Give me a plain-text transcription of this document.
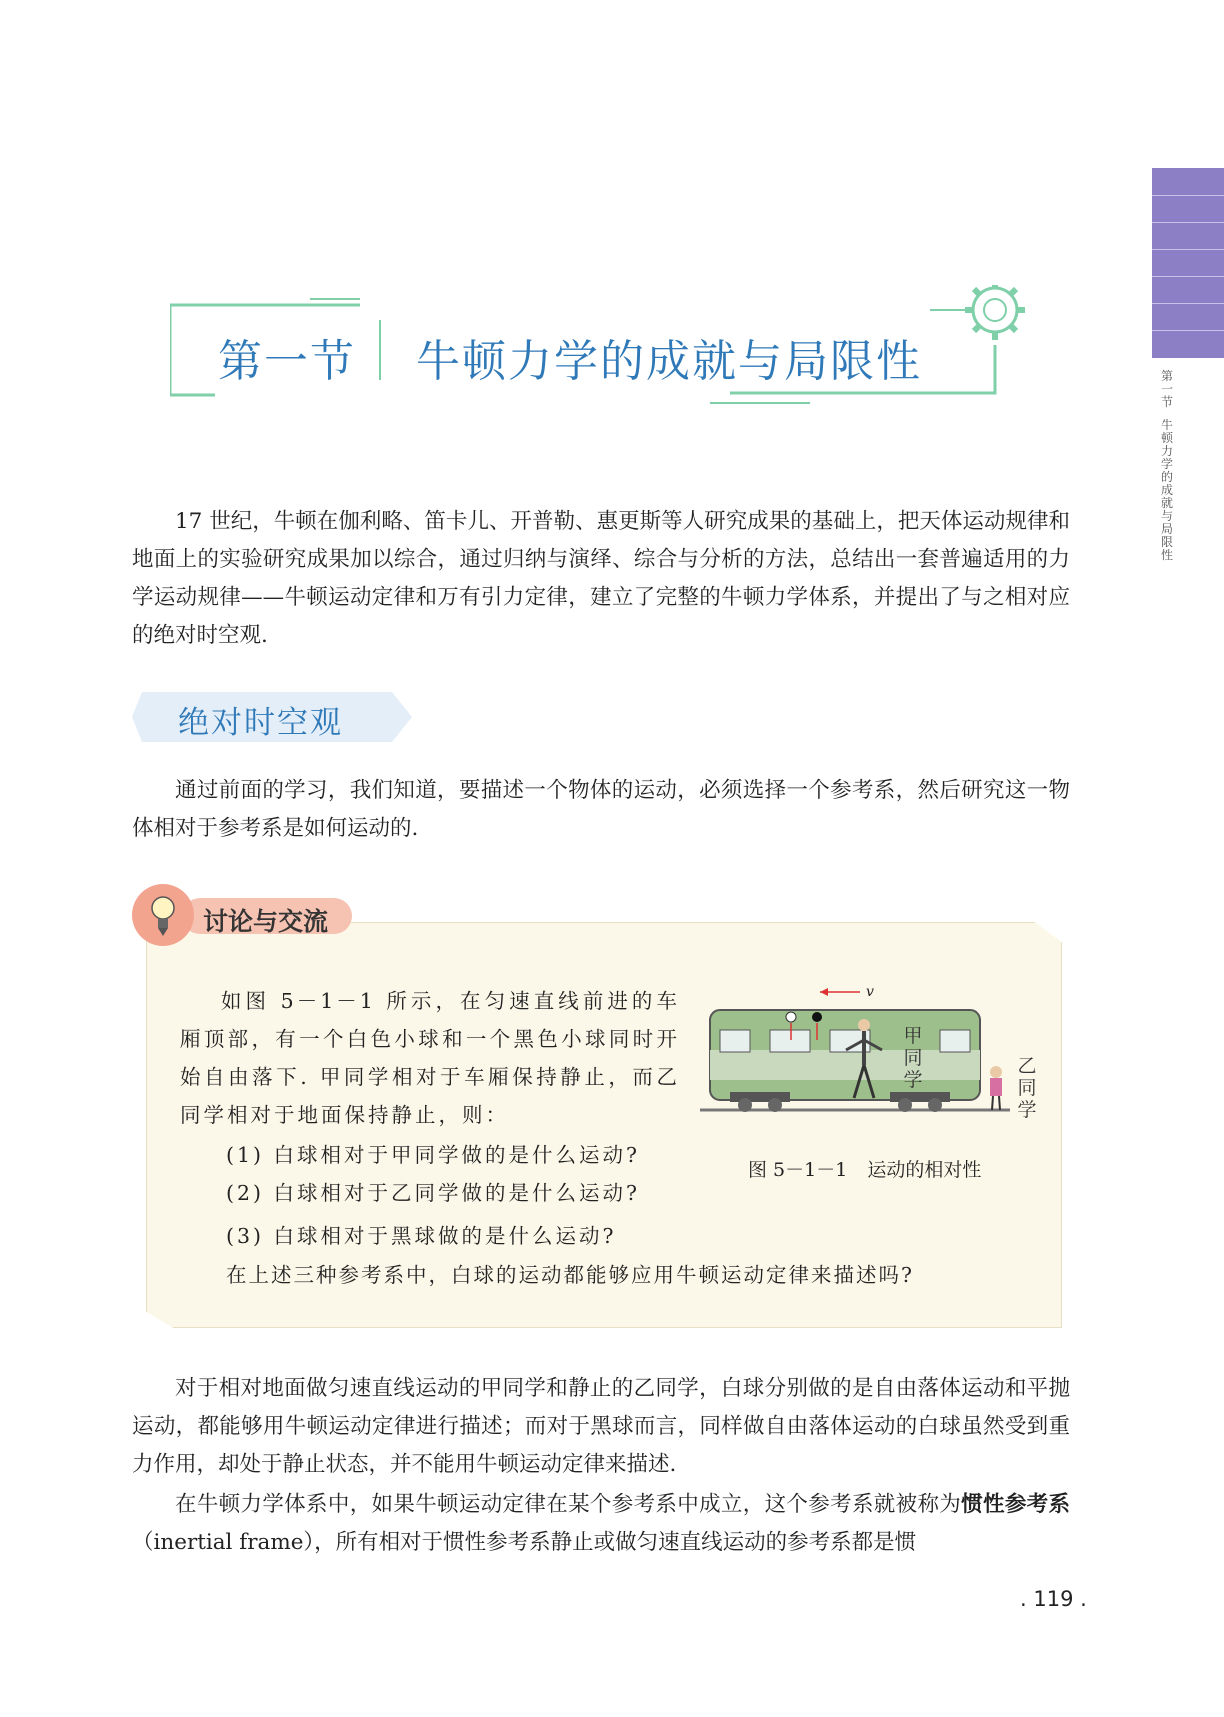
第一节
牛顿力学的成就与局限性
第一节 牛顿力学的成就与局限性

17 世纪，牛顿在伽利略、笛卡儿、开普勒、惠更斯等人研究成果的基础上，把天体运动规律和地面上的实验研究成果加以综合，通过归纳与演绎、综合与分析的方法，总结出一套普遍适用的力学运动规律——牛顿运动定律和万有引力定律，建立了完整的牛顿力学体系，并提出了与之相对应的绝对时空观.

绝对时空观

通过前面的学习，我们知道，要描述一个物体的运动，必须选择一个参考系，然后研究这一物体相对于参考系是如何运动的.

讨论与交流

如图 5－1－1 所示，在匀速直线前进的车厢顶部，有一个白色小球和一个黑色小球同时开始自由落下. 甲同学相对于车厢保持静止，而乙同学相对于地面保持静止，则：

(1) 白球相对于甲同学做的是什么运动?
(2) 白球相对于乙同学做的是什么运动?
(3) 白球相对于黑球做的是什么运动?
在上述三种参考系中，白球的运动都能够应用牛顿运动定律来描述吗?
v
甲同学
乙同学
图 5－1－1 运动的相对性

对于相对地面做匀速直线运动的甲同学和静止的乙同学，白球分别做的是自由落体运动和平抛运动，都能够用牛顿运动定律进行描述；而对于黑球而言，同样做自由落体运动的白球虽然受到重力作用，却处于静止状态，并不能用牛顿运动定律来描述.

在牛顿力学体系中，如果牛顿运动定律在某个参考系中成立，这个参考系就被称为惯性参考系（inertial frame），所有相对于惯性参考系静止或做匀速直线运动的参考系都是惯

. 119 .
